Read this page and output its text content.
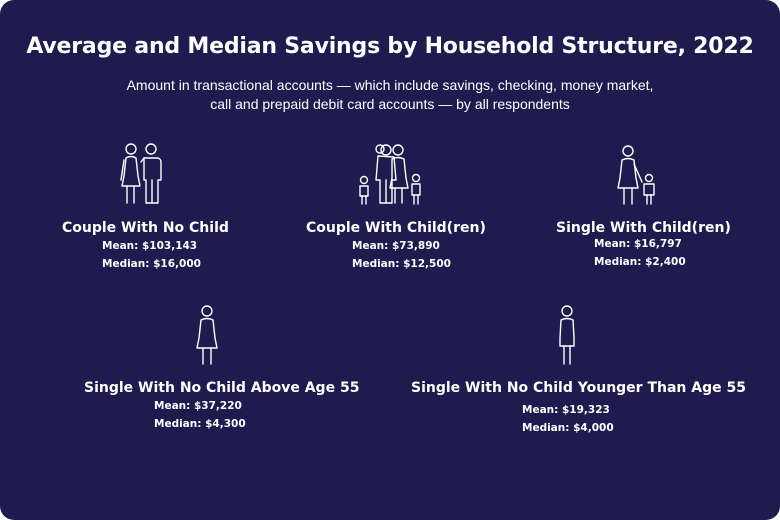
Average and Median Savings by Household Structure, 2022
Amount in transactional accounts — which include savings, checking, money market,
call and prepaid debit card accounts — by all respondents
Couple With No Child
Mean: $103,143
Median: $16,000
Couple With Child(ren)
Mean: $73,890
Median: $12,500
Single With Child(ren)
Mean: $16,797
Median: $2,400
Single With No Child Above Age 55
Mean: $37,220
Median: $4,300
Single With No Child Younger Than Age 55
Mean: $19,323
Median: $4,000
